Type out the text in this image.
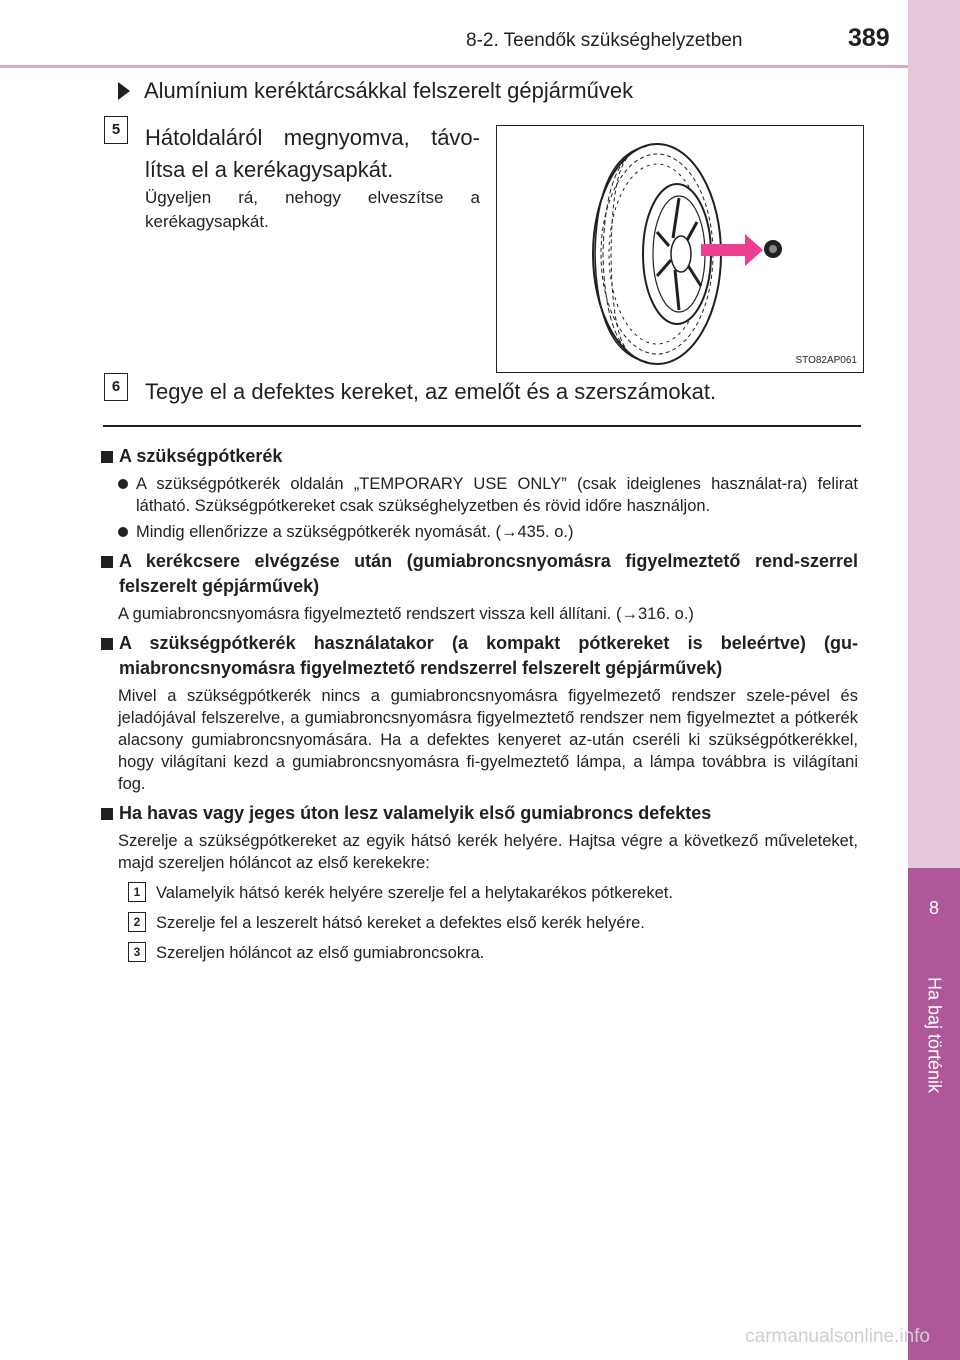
8-2. Teendők szükséghelyzetben	389
8
Ha baj történik
Alumínium keréktárcsákkal felszerelt gépjárművek
5	Hátoldaláról megnyomva, távo-lítsa el a kerékagysapkát.
Ügyeljen rá, nehogy elveszítse a kerékagysapkát.
STO82AP061
6	Tegye el a defektes kereket, az emelőt és a szerszámokat.
A szükségpótkerék
A szükségpótkerék oldalán „TEMPORARY USE ONLY” (csak ideiglenes használat-ra) felirat látható. Szükségpótkereket csak szükséghelyzetben és rövid időre használjon.
Mindig ellenőrizze a szükségpótkerék nyomását. (→435. o.)
A kerékcsere elvégzése után (gumiabroncsnyomásra figyelmeztető rend-szerrel felszerelt gépjárművek)
A gumiabroncsnyomásra figyelmeztető rendszert vissza kell állítani. (→316. o.)
A szükségpótkerék használatakor (a kompakt pótkereket is beleértve) (gu-miabroncsnyomásra figyelmeztető rendszerrel felszerelt gépjárművek)
Mivel a szükségpótkerék nincs a gumiabroncsnyomásra figyelmezető rendszer szele-pével és jeladójával felszerelve, a gumiabroncsnyomásra figyelmeztető rendszer nem figyelmeztet a pótkerék alacsony gumiabroncsnyomására. Ha a defektes kenyeret az-után cseréli ki szükségpótkerékkel, hogy világítani kezd a gumiabroncsnyomásra fi-gyelmeztető lámpa, a lámpa továbbra is világítani fog.
Ha havas vagy jeges úton lesz valamelyik első gumiabroncs defektes
Szerelje a szükségpótkereket az egyik hátsó kerék helyére. Hajtsa végre a következő műveleteket, majd szereljen hóláncot az első kerekekre:
1 Valamelyik hátsó kerék helyére szerelje fel a helytakarékos pótkereket.
2 Szerelje fel a leszerelt hátsó kereket a defektes első kerék helyére.
3 Szereljen hóláncot az első gumiabroncsokra.
carmanualsonline.info
